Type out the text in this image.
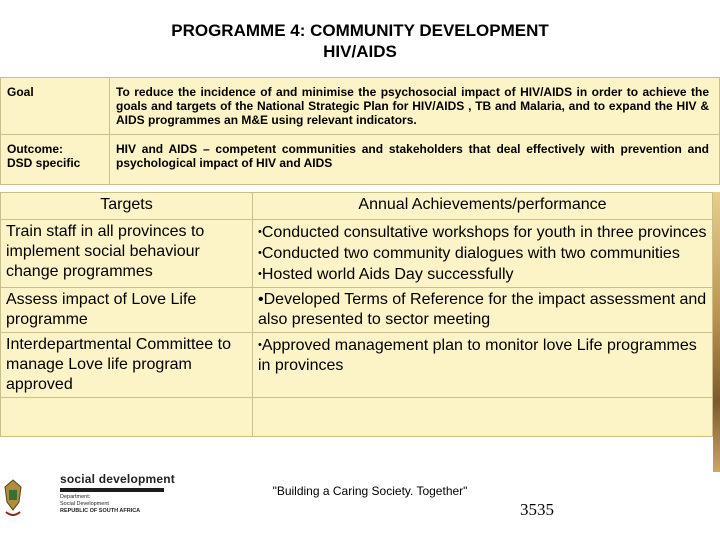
PROGRAMME 4: COMMUNITY DEVELOPMENT
HIV/AIDS
Goal	To reduce the incidence of and minimise the psychosocial impact of HIV/AIDS in order to achieve the goals and targets of the National Strategic Plan for HIV/AIDS , TB and Malaria, and to expand the HIV & AIDS programmes an M&E using relevant indicators.

Outcome:
DSD specific	HIV and AIDS – competent communities and stakeholders that deal effectively with prevention and psychological impact of HIV and AIDS
Targets	Annual Achievements/performance
Train staff in all provinces to implement social behaviour change programmes	•Conducted consultative workshops for youth in three provinces
•Conducted two community dialogues with two communities
•Hosted world Aids Day successfully

Assess impact of Love Life programme	•Developed Terms of Reference for the impact assessment and also presented to sector meeting

Interdepartmental Committee to manage Love life program approved	•Approved management plan to monitor love Life programmes in provinces

social development
Department:
Social Development
REPUBLIC OF SOUTH AFRICA
"Building a Caring Society. Together"
3535
